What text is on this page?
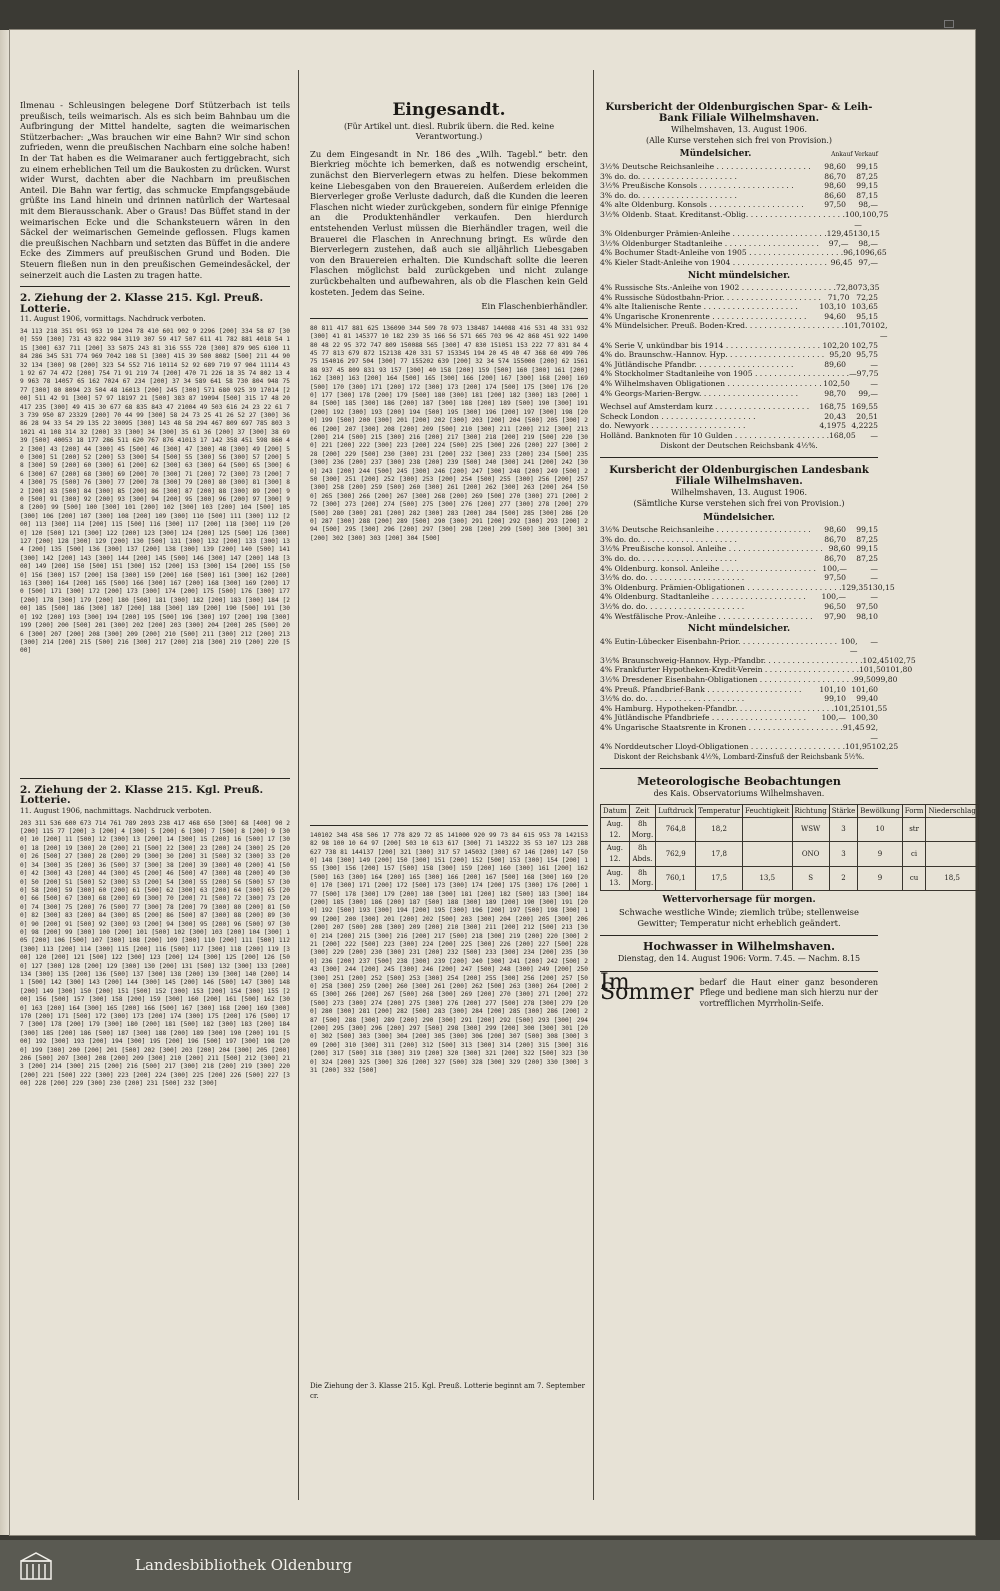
Ilmenau - Schleusingen belegene Dorf Stützerbach ist teils preußisch, teils weimarisch. Als es sich beim Bahnbau um die Aufbringung der Mittel handelte, sagten die weimarischen Stützerbacher: „Was brauchen wir eine Bahn? Wir sind schon zufrieden, wenn die preußischen Nachbarn eine solche haben! In der Tat haben es die Weimaraner auch fertiggebracht, sich zu einem erheblichen Teil um die Baukosten zu drücken. Wurst wider Wurst, dachten aber die Nachbarn im preußischen Anteil. Die Bahn war fertig, das schmucke Empfangsgebäude grüßte ins Land hinein und drinnen natürlich der Wartesaal mit dem Bierausschank. Aber o Graus! Das Büffet stand in der weimarischen Ecke und die Schanksteuern wären in den Säckel der weimarischen Gemeinde geflossen. Flugs kamen die preußischen Nachbarn und setzten das Büffet in die andere Ecke des Zimmers auf preußischen Grund und Boden. Die Steuern fließen nun in den preußischen Gemeindesäckel, der seinerzeit auch die Lasten zu tragen hatte.

2. Ziehung der 2. Klasse 215. Kgl. Preuß. Lotterie.
11. August 1906, vormittags. Nachdruck verboten.
34 113 218 351 951 953 19 1204 78 410 601 902 9 2296 [200] 334 58 87 [300] 559 [300] 731 43 822 984 3119 307 59 417 507 611 41 782 881 4018 54 115 [300] 637 711 [200] 33 5075 243 81 316 555 720 [300] 879 905 6100 11 84 286 345 531 774 969 7042 108 51 [300] 415 39 500 8082 [500] 211 44 9032 134 [300] 98 [200] 323 54 552 716 10114 52 92 689 719 97 904 11114 431 92 67 74 472 [200] 754 71 91 219 74 [200] 470 71 226 18 35 74 802 13 49 963 78 14057 65 162 7024 67 234 [200] 37 34 589 641 58 730 804 948 75 77 [300] 80 8094 23 504 48 16013 [200] 245 [300] 571 680 925 39 17014 [200] 511 42 91 [300] 57 97 18197 21 [500] 383 87 19094 [500] 315 17 48 20417 235 [300] 49 415 30 677 68 835 843 47 21004 49 503 616 24 23 22 61 73 739 950 87 23329 [200] 70 44 99 [300] 58 24 73 25 41 26 52 27 [300] 36 86 28 94 33 54 29 135 22 30095 [300] 143 48 58 294 467 809 697 785 803 31021 41 108 314 32 [200] 33 [300] 34 [300] 35 61 36 [200] 37 [300] 38 69 39 [500] 40053 18 177 286 511 620 767 876 41013 17 142 358 451 598 860 42 [300] 43 [200] 44 [300] 45 [500] 46 [300] 47 [300] 48 [300] 49 [200] 50 [300] 51 [200] 52 [200] 53 [300] 54 [500] 55 [300] 56 [300] 57 [200] 58 [300] 59 [200] 60 [300] 61 [200] 62 [300] 63 [300] 64 [500] 65 [300] 66 [300] 67 [200] 68 [300] 69 [200] 70 [300] 71 [200] 72 [300] 73 [200] 74 [300] 75 [500] 76 [300] 77 [200] 78 [300] 79 [200] 80 [300] 81 [300] 82 [200] 83 [500] 84 [300] 85 [200] 86 [300] 87 [200] 88 [300] 89 [200] 90 [500] 91 [300] 92 [200] 93 [300] 94 [200] 95 [300] 96 [200] 97 [300] 98 [200] 99 [500] 100 [300] 101 [200] 102 [300] 103 [200] 104 [500] 105 [300] 106 [200] 107 [300] 108 [200] 109 [300] 110 [500] 111 [300] 112 [200] 113 [300] 114 [200] 115 [500] 116 [300] 117 [200] 118 [300] 119 [200] 120 [500] 121 [300] 122 [200] 123 [300] 124 [200] 125 [500] 126 [300] 127 [200] 128 [300] 129 [200] 130 [500] 131 [300] 132 [200] 133 [300] 134 [200] 135 [500] 136 [300] 137 [200] 138 [300] 139 [200] 140 [500] 141 [300] 142 [200] 143 [300] 144 [200] 145 [500] 146 [300] 147 [200] 148 [300] 149 [200] 150 [500] 151 [300] 152 [200] 153 [300] 154 [200] 155 [500] 156 [300] 157 [200] 158 [300] 159 [200] 160 [500] 161 [300] 162 [200] 163 [300] 164 [200] 165 [500] 166 [300] 167 [200] 168 [300] 169 [200] 170 [500] 171 [300] 172 [200] 173 [300] 174 [200] 175 [500] 176 [300] 177 [200] 178 [300] 179 [200] 180 [500] 181 [300] 182 [200] 183 [300] 184 [200] 185 [500] 186 [300] 187 [200] 188 [300] 189 [200] 190 [500] 191 [300] 192 [200] 193 [300] 194 [200] 195 [500] 196 [300] 197 [200] 198 [300] 199 [200] 200 [500] 201 [300] 202 [200] 203 [300] 204 [200] 205 [500] 206 [300] 207 [200] 208 [300] 209 [200] 210 [500] 211 [300] 212 [200] 213 [300] 214 [200] 215 [500] 216 [300] 217 [200] 218 [300] 219 [200] 220 [500]
2. Ziehung der 2. Klasse 215. Kgl. Preuß. Lotterie.
11. August 1906, nachmittags. Nachdruck verboten.
203 311 536 600 673 714 761 789 2093 238 417 468 650 [300] 68 [400] 90 2 [200] 115 77 [200] 3 [200] 4 [300] 5 [200] 6 [300] 7 [500] 8 [200] 9 [300] 10 [200] 11 [500] 12 [300] 13 [200] 14 [300] 15 [200] 16 [500] 17 [300] 18 [200] 19 [300] 20 [200] 21 [500] 22 [300] 23 [200] 24 [300] 25 [200] 26 [500] 27 [300] 28 [200] 29 [300] 30 [200] 31 [500] 32 [300] 33 [200] 34 [300] 35 [200] 36 [500] 37 [300] 38 [200] 39 [300] 40 [200] 41 [500] 42 [300] 43 [200] 44 [300] 45 [200] 46 [500] 47 [300] 48 [200] 49 [300] 50 [200] 51 [500] 52 [300] 53 [200] 54 [300] 55 [200] 56 [500] 57 [300] 58 [200] 59 [300] 60 [200] 61 [500] 62 [300] 63 [200] 64 [300] 65 [200] 66 [500] 67 [300] 68 [200] 69 [300] 70 [200] 71 [500] 72 [300] 73 [200] 74 [300] 75 [200] 76 [500] 77 [300] 78 [200] 79 [300] 80 [200] 81 [500] 82 [300] 83 [200] 84 [300] 85 [200] 86 [500] 87 [300] 88 [200] 89 [300] 90 [200] 91 [500] 92 [300] 93 [200] 94 [300] 95 [200] 96 [500] 97 [300] 98 [200] 99 [300] 100 [200] 101 [500] 102 [300] 103 [200] 104 [300] 105 [200] 106 [500] 107 [300] 108 [200] 109 [300] 110 [200] 111 [500] 112 [300] 113 [200] 114 [300] 115 [200] 116 [500] 117 [300] 118 [200] 119 [300] 120 [200] 121 [500] 122 [300] 123 [200] 124 [300] 125 [200] 126 [500] 127 [300] 128 [200] 129 [300] 130 [200] 131 [500] 132 [300] 133 [200] 134 [300] 135 [200] 136 [500] 137 [300] 138 [200] 139 [300] 140 [200] 141 [500] 142 [300] 143 [200] 144 [300] 145 [200] 146 [500] 147 [300] 148 [200] 149 [300] 150 [200] 151 [500] 152 [300] 153 [200] 154 [300] 155 [200] 156 [500] 157 [300] 158 [200] 159 [300] 160 [200] 161 [500] 162 [300] 163 [200] 164 [300] 165 [200] 166 [500] 167 [300] 168 [200] 169 [300] 170 [200] 171 [500] 172 [300] 173 [200] 174 [300] 175 [200] 176 [500] 177 [300] 178 [200] 179 [300] 180 [200] 181 [500] 182 [300] 183 [200] 184 [300] 185 [200] 186 [500] 187 [300] 188 [200] 189 [300] 190 [200] 191 [500] 192 [300] 193 [200] 194 [300] 195 [200] 196 [500] 197 [300] 198 [200] 199 [300] 200 [200] 201 [500] 202 [300] 203 [200] 204 [300] 205 [200] 206 [500] 207 [300] 208 [200] 209 [300] 210 [200] 211 [500] 212 [300] 213 [200] 214 [300] 215 [200] 216 [500] 217 [300] 218 [200] 219 [300] 220 [200] 221 [500] 222 [300] 223 [200] 224 [300] 225 [200] 226 [500] 227 [300] 228 [200] 229 [300] 230 [200] 231 [500] 232 [300]
Eingesandt.
(Für Artikel unt. diesl. Rubrik übern. die Red. keine Verantwortung.)

Zu dem Eingesandt in Nr. 186 des „Wilh. Tagebl.“ betr. den Bierkrieg möchte ich bemerken, daß es notwendig erscheint, zunächst den Bierverlegern etwas zu helfen. Diese bekommen keine Liebesgaben von den Brauereien. Außerdem erleiden die Bierverleger große Verluste dadurch, daß die Kunden die leeren Flaschen nicht wieder zurückgeben, sondern für einige Pfennige an die Produktenhändler verkaufen. Den hierdurch entstehenden Verlust müssen die Bierhändler tragen, weil die Brauerei die Flaschen in Anrechnung bringt. Es würde den Bierverlegern zustehen, daß auch sie alljährlich Liebesgaben von den Brauereien erhalten. Die Kundschaft sollte die leeren Flaschen möglichst bald zurückgeben und nicht zulange zurückbehalten und aufbewahren, als ob die Flaschen kein Geld kosteten. Jedem das Seine.

Ein Flaschenbierhändler.
80 811 417 881 625 136090 344 509 78 973 138487 144088 416 531 48 331 932 [300] 41 81 145377 10 182 239 35 166 56 571 665 703 96 42 868 451 922 149080 48 22 95 372 747 809 150088 565 [300] 47 830 151051 153 222 77 831 84 445 77 813 679 872 152138 420 331 57 153345 194 20 45 40 47 368 60 499 706 75 154016 297 504 [300] 77 155202 639 [200] 32 34 574 155000 [200] 62 156188 937 45 809 831 93 157 [300] 40 158 [200] 159 [500] 160 [300] 161 [200] 162 [300] 163 [200] 164 [500] 165 [300] 166 [200] 167 [300] 168 [200] 169 [500] 170 [300] 171 [200] 172 [300] 173 [200] 174 [500] 175 [300] 176 [200] 177 [300] 178 [200] 179 [500] 180 [300] 181 [200] 182 [300] 183 [200] 184 [500] 185 [300] 186 [200] 187 [300] 188 [200] 189 [500] 190 [300] 191 [200] 192 [300] 193 [200] 194 [500] 195 [300] 196 [200] 197 [300] 198 [200] 199 [500] 200 [300] 201 [200] 202 [300] 203 [200] 204 [500] 205 [300] 206 [200] 207 [300] 208 [200] 209 [500] 210 [300] 211 [200] 212 [300] 213 [200] 214 [500] 215 [300] 216 [200] 217 [300] 218 [200] 219 [500] 220 [300] 221 [200] 222 [300] 223 [200] 224 [500] 225 [300] 226 [200] 227 [300] 228 [200] 229 [500] 230 [300] 231 [200] 232 [300] 233 [200] 234 [500] 235 [300] 236 [200] 237 [300] 238 [200] 239 [500] 240 [300] 241 [200] 242 [300] 243 [200] 244 [500] 245 [300] 246 [200] 247 [300] 248 [200] 249 [500] 250 [300] 251 [200] 252 [300] 253 [200] 254 [500] 255 [300] 256 [200] 257 [300] 258 [200] 259 [500] 260 [300] 261 [200] 262 [300] 263 [200] 264 [500] 265 [300] 266 [200] 267 [300] 268 [200] 269 [500] 270 [300] 271 [200] 272 [300] 273 [200] 274 [500] 275 [300] 276 [200] 277 [300] 278 [200] 279 [500] 280 [300] 281 [200] 282 [300] 283 [200] 284 [500] 285 [300] 286 [200] 287 [300] 288 [200] 289 [500] 290 [300] 291 [200] 292 [300] 293 [200] 294 [500] 295 [300] 296 [200] 297 [300] 298 [200] 299 [500] 300 [300] 301 [200] 302 [300] 303 [200] 304 [500]
140102 348 458 506 17 778 829 72 85 141000 920 99 73 84 615 953 78 142153 82 98 100 10 64 97 [200] 503 10 613 617 [300] 71 143222 35 53 107 123 288 627 738 81 144137 [200] 321 [300] 317 57 145032 [300] 67 146 [200] 147 [500] 148 [300] 149 [200] 150 [300] 151 [200] 152 [500] 153 [300] 154 [200] 155 [300] 156 [200] 157 [500] 158 [300] 159 [200] 160 [300] 161 [200] 162 [500] 163 [300] 164 [200] 165 [300] 166 [200] 167 [500] 168 [300] 169 [200] 170 [300] 171 [200] 172 [500] 173 [300] 174 [200] 175 [300] 176 [200] 177 [500] 178 [300] 179 [200] 180 [300] 181 [200] 182 [500] 183 [300] 184 [200] 185 [300] 186 [200] 187 [500] 188 [300] 189 [200] 190 [300] 191 [200] 192 [500] 193 [300] 194 [200] 195 [300] 196 [200] 197 [500] 198 [300] 199 [200] 200 [300] 201 [200] 202 [500] 203 [300] 204 [200] 205 [300] 206 [200] 207 [500] 208 [300] 209 [200] 210 [300] 211 [200] 212 [500] 213 [300] 214 [200] 215 [300] 216 [200] 217 [500] 218 [300] 219 [200] 220 [300] 221 [200] 222 [500] 223 [300] 224 [200] 225 [300] 226 [200] 227 [500] 228 [300] 229 [200] 230 [300] 231 [200] 232 [500] 233 [300] 234 [200] 235 [300] 236 [200] 237 [500] 238 [300] 239 [200] 240 [300] 241 [200] 242 [500] 243 [300] 244 [200] 245 [300] 246 [200] 247 [500] 248 [300] 249 [200] 250 [300] 251 [200] 252 [500] 253 [300] 254 [200] 255 [300] 256 [200] 257 [500] 258 [300] 259 [200] 260 [300] 261 [200] 262 [500] 263 [300] 264 [200] 265 [300] 266 [200] 267 [500] 268 [300] 269 [200] 270 [300] 271 [200] 272 [500] 273 [300] 274 [200] 275 [300] 276 [200] 277 [500] 278 [300] 279 [200] 280 [300] 281 [200] 282 [500] 283 [300] 284 [200] 285 [300] 286 [200] 287 [500] 288 [300] 289 [200] 290 [300] 291 [200] 292 [500] 293 [300] 294 [200] 295 [300] 296 [200] 297 [500] 298 [300] 299 [200] 300 [300] 301 [200] 302 [500] 303 [300] 304 [200] 305 [300] 306 [200] 307 [500] 308 [300] 309 [200] 310 [300] 311 [200] 312 [500] 313 [300] 314 [200] 315 [300] 316 [200] 317 [500] 318 [300] 319 [200] 320 [300] 321 [200] 322 [500] 323 [300] 324 [200] 325 [300] 326 [200] 327 [500] 328 [300] 329 [200] 330 [300] 331 [200] 332 [500]
Die Ziehung der 3. Klasse 215. Kgl. Preuß. Lotterie beginnt am 7. September cr.
Kursbericht der Oldenburgischen Spar- & Leih-Bank Filiale Wilhelmshaven.
Wilhelmshaven, 13. August 1906.
(Alle Kurse verstehen sich frei von Provision.)
Mündelsicher.	Ankauf Verkauf
3½% Deutsche Reichsanleihe . . . . . . . . . . . . . . . . . . . .	98,60	99,15
3% do. do. . . . . . . . . . . . . . . . . . . . .	86,70	87,25
3½% Preußische Konsols . . . . . . . . . . . . . . . . . . . .	98,60	99,15
3% do. do. . . . . . . . . . . . . . . . . . . . .	86,60	87,15
4% alte Oldenburg. Konsols . . . . . . . . . . . . . . . . . . . .	97,50	98,—
3½% Oldenb. Staat. Kreditanst.-Oblig. . . . . . . . . . . . . . . . . . . . . 100,—
100,75
3% Oldenburger Prämien-Anleihe . . . . . . . . . . . . . . . . . . . . 129,45 130,15
3½% Oldenburger Stadtanleihe . . . . . . . . . . . . . . . . . . . .	97,—	98,—
4% Bochumer Stadt-Anleihe von 1905 . . . . . . . . . . . . . . . . . . . . 96,10 96,65
4% Kieler Stadt-Anleihe von 1904 . . . . . . . . . . . . . . . . . . . . 96,45 97,—
Nicht mündelsicher.
4% Russische Sts.-Anleihe von 1902 . . . . . . . . . . . . . . . . . . . . 72,80 73,35
4% Russische Südostbahn-Prior. . . . . . . . . . . . . . . . . . . . . 71,70 72,25
4% alte Italienische Rente . . . . . . . . . . . . . . . . . . . .	103,10 103,65
4% Ungarische Kronenrente . . . . . . . . . . . . . . . . . . . .	94,60	95,15
4% Mündelsicher. Preuß. Boden-Kred. . . . . . . . . . . . . . . . . . . . . 101,70 102,—
4% Serie V, unkündbar bis 1914 . . . . . . . . . . . . . . . . . . . . 102,20 102,75
4% do. Braunschw.-Hannov. Hyp. . . . . . . . . . . . . . . . . . . . . 95,20 95,75
4% Jütländische Pfandbr. . . . . . . . . . . . . . . . . . . . .	89,60	—
4% Stockholmer Stadtanleihe von 1905 . . . . . . . . . . . . . . . . . . . . — 97,75
4% Wilhelmshaven Obligationen . . . . . . . . . . . . . . . . . . . . 102,50	—
4% Georgs-Marien-Bergw. . . . . . . . . . . . . . . . . . . . .	98,70	99,—
Wechsel auf Amsterdam kurz . . . . . . . . . . . . . . . . . . . .	168,75 169,55
Scheck London . . . . . . . . . . . . . . . . . . . .	20,43	20,51
do. Newyork . . . . . . . . . . . . . . . . . . . .	4,1975 4,2225
Holländ. Banknoten für 10 Gulden . . . . . . . . . . . . . . . . . . . . 168,05	—
Diskont der Deutschen Reichsbank 4½%.
Kursbericht der Oldenburgischen Landesbank Filiale Wilhelmshaven.
Wilhelmshaven, 13. August 1906.
(Sämtliche Kurse verstehen sich frei von Provision.)
Mündelsicher.
3½% Deutsche Reichsanleihe . . . . . . . . . . . . . . . . . . . .	98,60	99,15
3% do. do. . . . . . . . . . . . . . . . . . . . .	86,70	87,25
3½% Preußische konsol. Anleihe . . . . . . . . . . . . . . . . . . . . 98,60 99,15
3% do. do. . . . . . . . . . . . . . . . . . . . .	86,70	87,25
4% Oldenburg. konsol. Anleihe . . . . . . . . . . . . . . . . . . . . 100,—	—
3½% do. do. . . . . . . . . . . . . . . . . . . . .	97,50	—
3% Oldenburg. Prämien-Obligationen . . . . . . . . . . . . . . . . . . . . 129,35 130,15
4% Oldenburg. Stadtanleihe . . . . . . . . . . . . . . . . . . . .	100,—	—
3½% do. do. . . . . . . . . . . . . . . . . . . . .	96,50	97,50
4% Westfälische Prov.-Anleihe . . . . . . . . . . . . . . . . . . . .	97,90	98,10
Nicht mündelsicher.
4% Eutin-Lübecker Eisenbahn-Prior. . . . . . . . . . . . . . . . . . . . . 100,—
—
3½% Braunschweig-Hannov. Hyp.-Pfandbr. . . . . . . . . . . . . . . . . . . . . 102,45 102,75
4% Frankfurter Hypotheken-Kredit-Verein . . . . . . . . . . . . . . . . . . . . 101,50 101,80
3½% Dresdener Eisenbahn-Obligationen . . . . . . . . . . . . . . . . . . . . 99,50 99,80
4% Preuß. Pfandbrief-Bank . . . . . . . . . . . . . . . . . . . .	101,10 101,60
3½% do. do. . . . . . . . . . . . . . . . . . . . .	99,10	99,40
4% Hamburg. Hypotheken-Pfandbr. . . . . . . . . . . . . . . . . . . . . 101,25 101,55
4% Jütländische Pfandbriefe . . . . . . . . . . . . . . . . . . . .	100,— 100,30
4% Ungarische Staatsrente in Kronen . . . . . . . . . . . . . . . . . . . . 91,45 92,—
4% Norddeutscher Lloyd-Obligationen . . . . . . . . . . . . . . . . . . . . 101,95 102,25
Diskont der Reichsbank 4½%, Lombard-Zinsfuß der Reichsbank 5½%.
Meteorologische Beobachtungen
des Kais. Observatoriums Wilhelmshaven.
Datum	Zeit	Luftdruck	Temperatur	Feuchtigkeit	Richtung	Stärke	Bewölkung	Form	Niederschlag
Aug. 12.	8h Morg.	764,8	18,2		WSW	3	10	str	
Aug. 12.	8h Abds.	762,9	17,8		ONO	3	9	ci	
Aug. 13.	8h Morg.	760,1	17,5	13,5	S	2	9	cu	18,5
Wettervorhersage für morgen.

Schwache westliche Winde; ziemlich trübe; stellenweise Gewitter; Temperatur nicht erheblich geändert.

Hochwasser in Wilhelmshaven.
Dienstag, den 14. August 1906: Vorm. 7.45. — Nachm. 8.15
Im Sommer bedarf die Haut einer ganz besonderen Pflege und bediene man sich hierzu nur der vortrefflichen Myrrholin-Seife.
Landesbibliothek Oldenburg
